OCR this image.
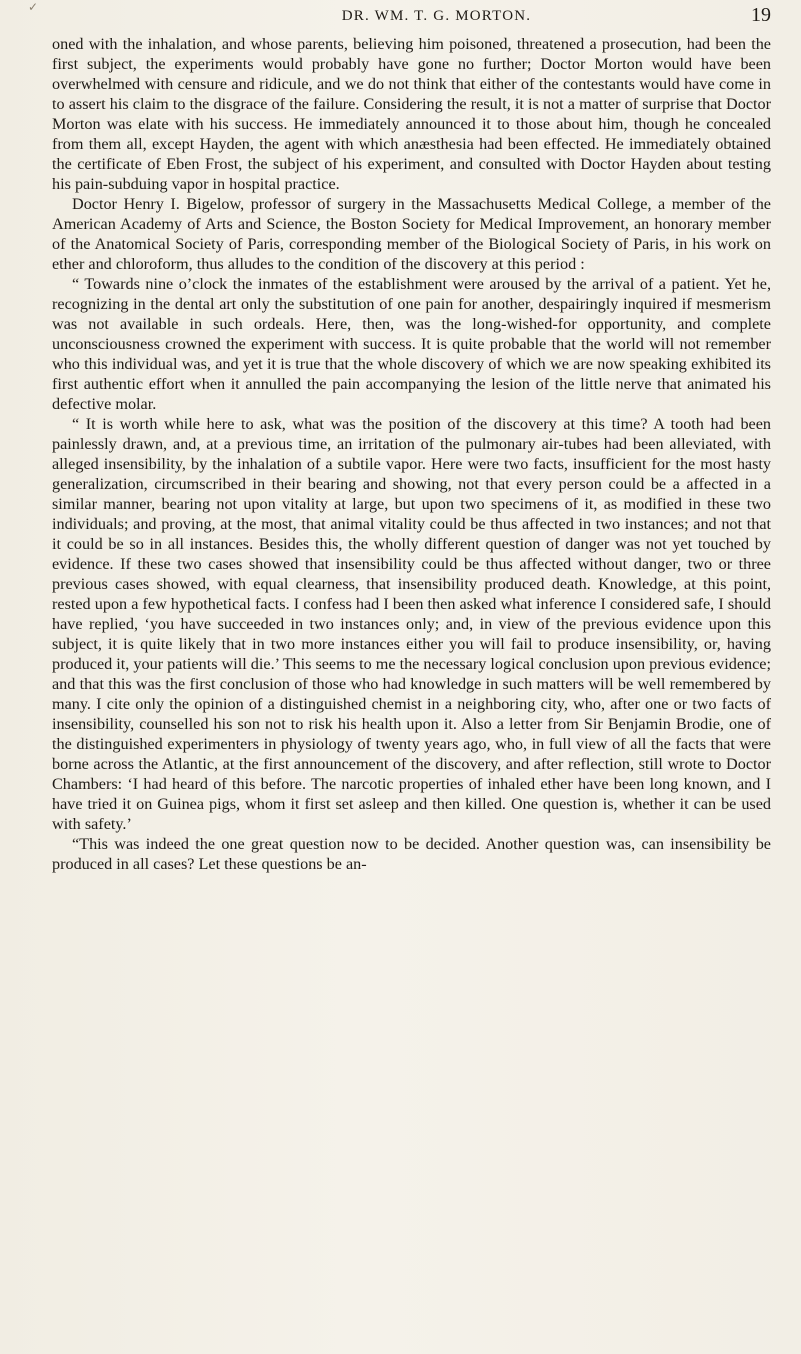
✓
DR. WM. T. G. MORTON.	19

oned with the inhalation, and whose parents, believing him poisoned, threatened a prosecution, had been the first subject, the experiments would probably have gone no further; Doctor Morton would have been overwhelmed with censure and ridicule, and we do not think that either of the contestants would have come in to assert his claim to the disgrace of the failure. Considering the result, it is not a matter of surprise that Doctor Morton was elate with his success. He immediately announced it to those about him, though he concealed from them all, except Hayden, the agent with which anæsthesia had been effected. He immediately obtained the certificate of Eben Frost, the subject of his experiment, and consulted with Doctor Hayden about testing his pain-subduing vapor in hospital practice.

Doctor Henry I. Bigelow, professor of surgery in the Massachusetts Medical College, a member of the American Academy of Arts and Science, the Boston Society for Medical Improvement, an honorary member of the Anatomical Society of Paris, corresponding member of the Biological Society of Paris, in his work on ether and chloroform, thus alludes to the condition of the discovery at this period :

“ Towards nine o’clock the inmates of the establishment were aroused by the arrival of a patient. Yet he, recognizing in the dental art only the substitution of one pain for another, despairingly inquired if mesmerism was not available in such ordeals. Here, then, was the long-wished-for opportunity, and complete unconsciousness crowned the experiment with success. It is quite probable that the world will not remember who this individual was, and yet it is true that the whole discovery of which we are now speaking exhibited its first authentic effort when it annulled the pain accompanying the lesion of the little nerve that animated his defective molar.

“ It is worth while here to ask, what was the position of the discovery at this time? A tooth had been painlessly drawn, and, at a previous time, an irritation of the pulmonary air-tubes had been alleviated, with alleged insensibility, by the inhalation of a subtile vapor. Here were two facts, insufficient for the most hasty generalization, circumscribed in their bearing and showing, not that every person could be a affected in a similar manner, bearing not upon vitality at large, but upon two specimens of it, as modified in these two individuals; and proving, at the most, that animal vitality could be thus affected in two instances; and not that it could be so in all instances. Besides this, the wholly different question of danger was not yet touched by evidence. If these two cases showed that insensibility could be thus affected without danger, two or three previous cases showed, with equal clearness, that insensibility produced death. Knowledge, at this point, rested upon a few hypothetical facts. I confess had I been then asked what inference I considered safe, I should have replied, ‘you have succeeded in two instances only; and, in view of the previous evidence upon this subject, it is quite likely that in two more instances either you will fail to produce insensibility, or, having produced it, your patients will die.’ This seems to me the necessary logical conclusion upon previous evidence; and that this was the first conclusion of those who had knowledge in such matters will be well remembered by many. I cite only the opinion of a distinguished chemist in a neighboring city, who, after one or two facts of insensibility, counselled his son not to risk his health upon it. Also a letter from Sir Benjamin Brodie, one of the distinguished experimenters in physiology of twenty years ago, who, in full view of all the facts that were borne across the Atlantic, at the first announcement of the discovery, and after reflection, still wrote to Doctor Chambers: ‘I had heard of this before. The narcotic properties of inhaled ether have been long known, and I have tried it on Guinea pigs, whom it first set asleep and then killed. One question is, whether it can be used with safety.’

“This was indeed the one great question now to be decided. Another question was, can insensibility be produced in all cases? Let these questions be an-
